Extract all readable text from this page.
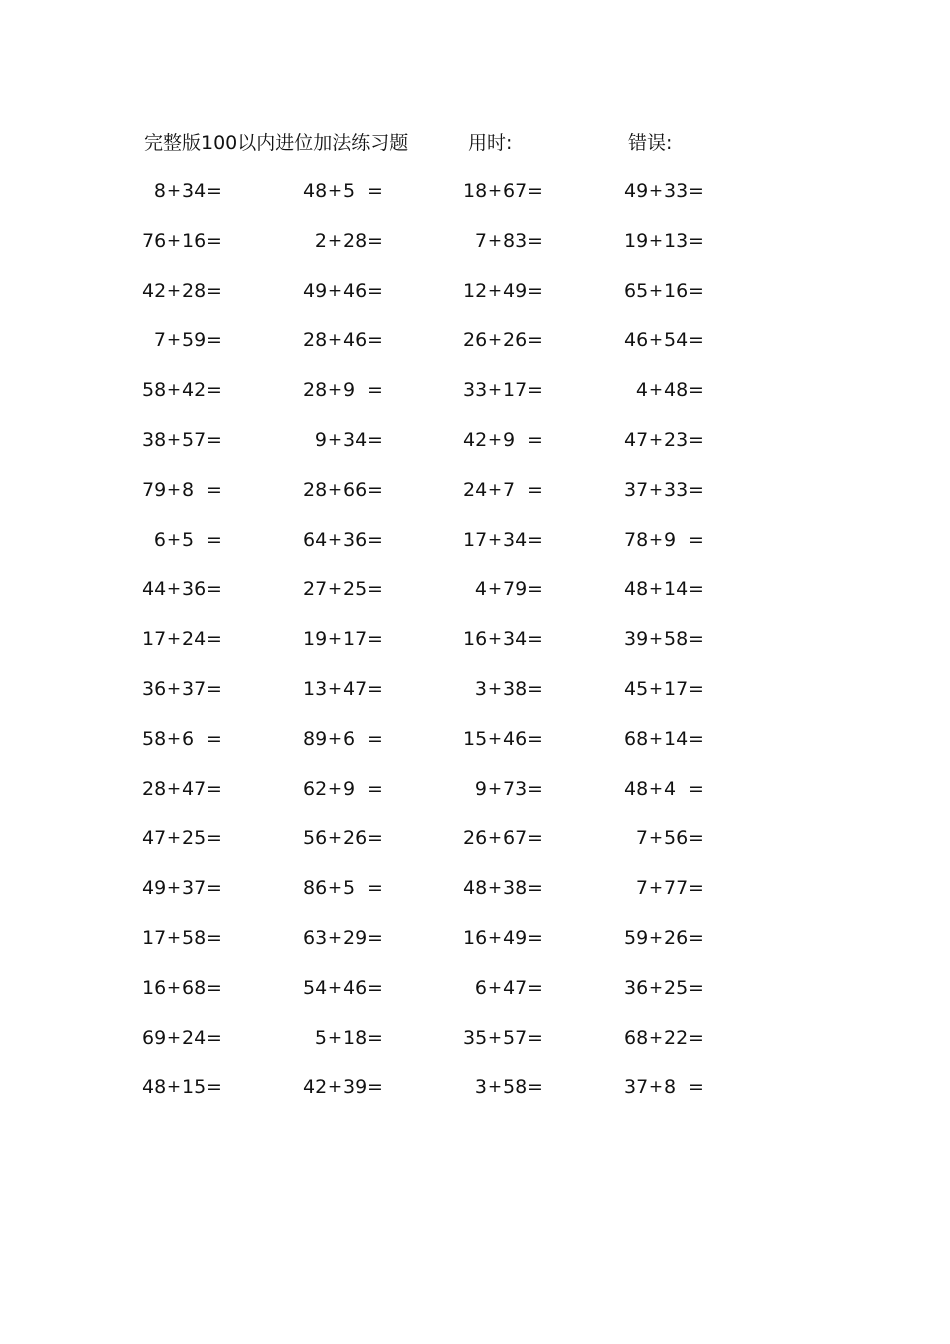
完整版100以内进位加法练习题	用时:	错误:
8 + 34 =	48 + 5 =	18 + 67 =	49 + 33 =
76 + 16 =	2 + 28 =	7 + 83 =	19 + 13 =
42 + 28 =	49 + 46 =	12 + 49 =	65 + 16 =
7 + 59 =	28 + 46 =	26 + 26 =	46 + 54 =
58 + 42 =	28 + 9 =	33 + 17 =	4 + 48 =
38 + 57 =	9 + 34 =	42 + 9 =	47 + 23 =
79 + 8 =	28 + 66 =	24 + 7 =	37 + 33 =
6 + 5 =	64 + 36 =	17 + 34 =	78 + 9 =
44 + 36 =	27 + 25 =	4 + 79 =	48 + 14 =
17 + 24 =	19 + 17 =	16 + 34 =	39 + 58 =
36 + 37 =	13 + 47 =	3 + 38 =	45 + 17 =
58 + 6 =	89 + 6 =	15 + 46 =	68 + 14 =
28 + 47 =	62 + 9 =	9 + 73 =	48 + 4 =
47 + 25 =	56 + 26 =	26 + 67 =	7 + 56 =
49 + 37 =	86 + 5 =	48 + 38 =	7 + 77 =
17 + 58 =	63 + 29 =	16 + 49 =	59 + 26 =
16 + 68 =	54 + 46 =	6 + 47 =	36 + 25 =
69 + 24 =	5 + 18 =	35 + 57 =	68 + 22 =
48 + 15 =	42 + 39 =	3 + 58 =	37 + 8 =
